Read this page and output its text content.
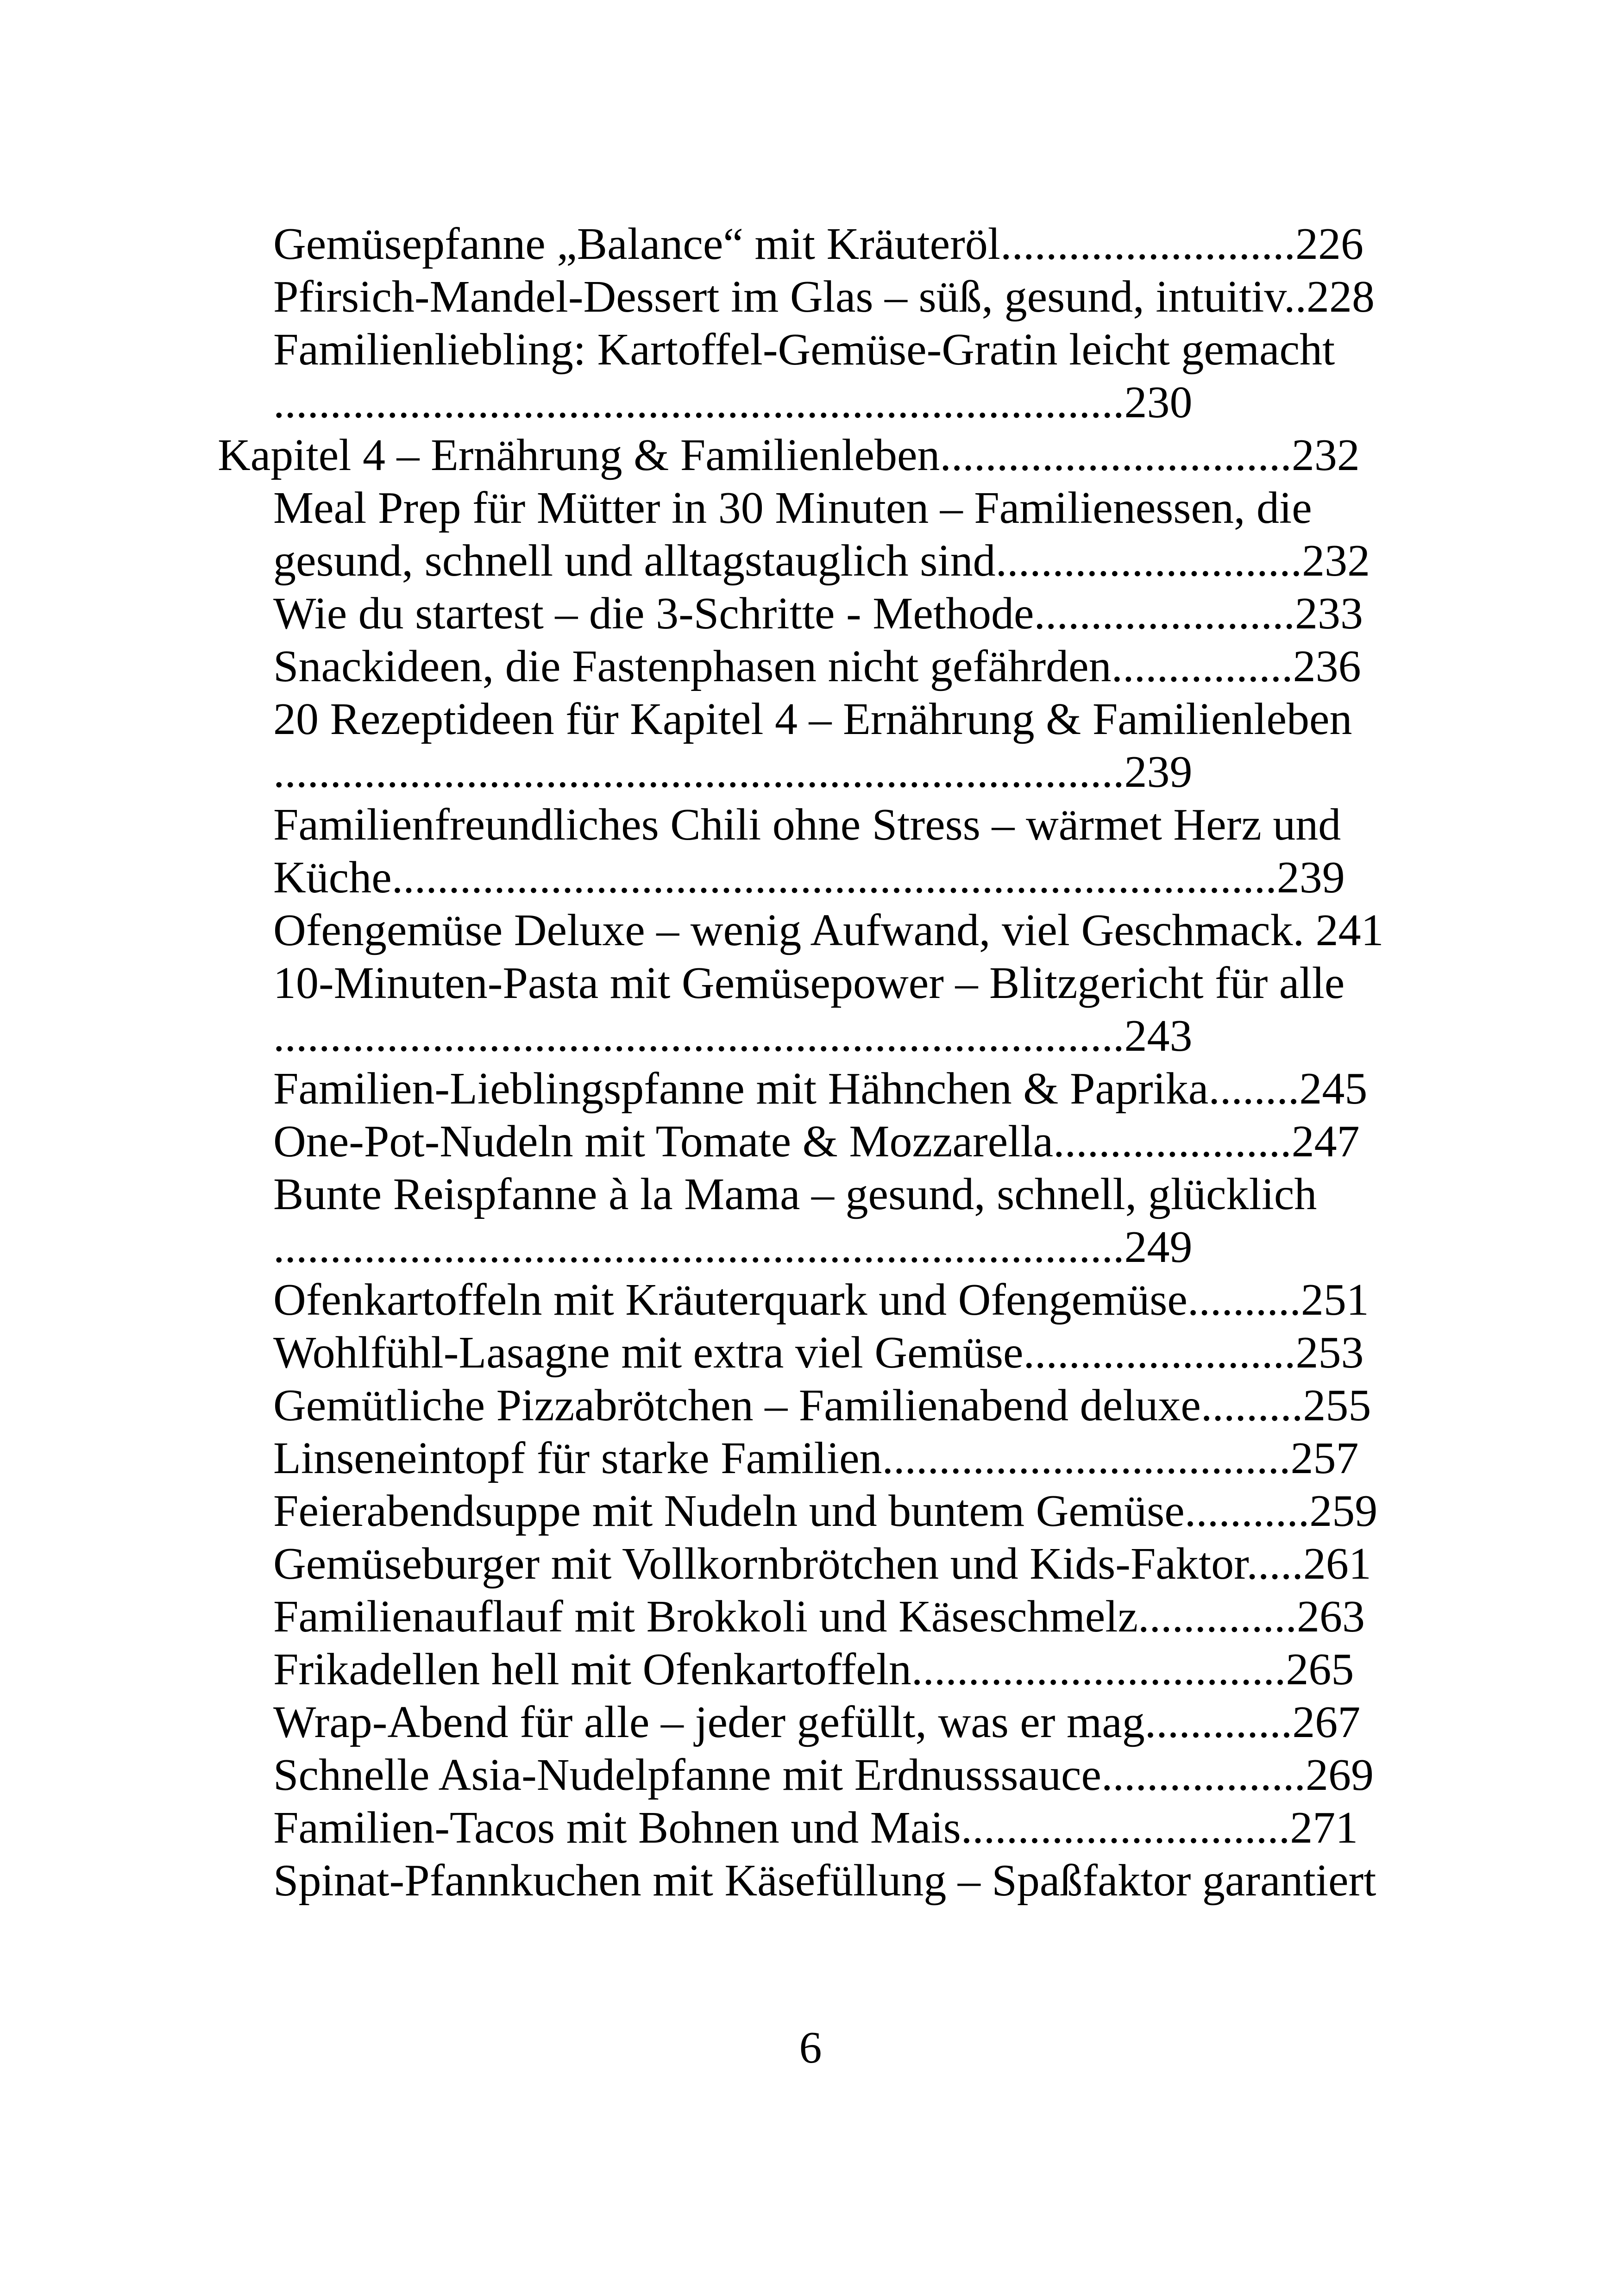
Gemüsepfanne „Balance“ mit Kräuteröl..........................226
Pfirsich-Mandel-Dessert im Glas – süß, gesund, intuitiv..228
Familienliebling: Kartoffel-Gemüse-Gratin leicht gemacht
...........................................................................230
Kapitel 4 – Ernährung & Familienleben...............................232
Meal Prep für Mütter in 30 Minuten – Familienessen, die
gesund, schnell und alltagstauglich sind...........................232
Wie du startest – die 3-Schritte - Methode.......................233
Snackideen, die Fastenphasen nicht gefährden................236
20 Rezeptideen für Kapitel 4 – Ernährung & Familienleben
...........................................................................239
Familienfreundliches Chili ohne Stress – wärmet Herz und
Küche..............................................................................239
Ofengemüse Deluxe – wenig Aufwand, viel Geschmack. 241
10-Minuten-Pasta mit Gemüsepower – Blitzgericht für alle
...........................................................................243
Familien-Lieblingspfanne mit Hähnchen & Paprika........245
One-Pot-Nudeln mit Tomate & Mozzarella.....................247
Bunte Reispfanne à la Mama – gesund, schnell, glücklich
...........................................................................249
Ofenkartoffeln mit Kräuterquark und Ofengemüse..........251
Wohlfühl-Lasagne mit extra viel Gemüse........................253
Gemütliche Pizzabrötchen – Familienabend deluxe.........255
Linseneintopf für starke Familien....................................257
Feierabendsuppe mit Nudeln und buntem Gemüse...........259
Gemüseburger mit Vollkornbrötchen und Kids-Faktor.....261
Familienauflauf mit Brokkoli und Käseschmelz..............263
Frikadellen hell mit Ofenkartoffeln.................................265
Wrap-Abend für alle – jeder gefüllt, was er mag.............267
Schnelle Asia-Nudelpfanne mit Erdnusssauce..................269
Familien-Tacos mit Bohnen und Mais.............................271
Spinat-Pfannkuchen mit Käsefüllung – Spaßfaktor garantiert
6
